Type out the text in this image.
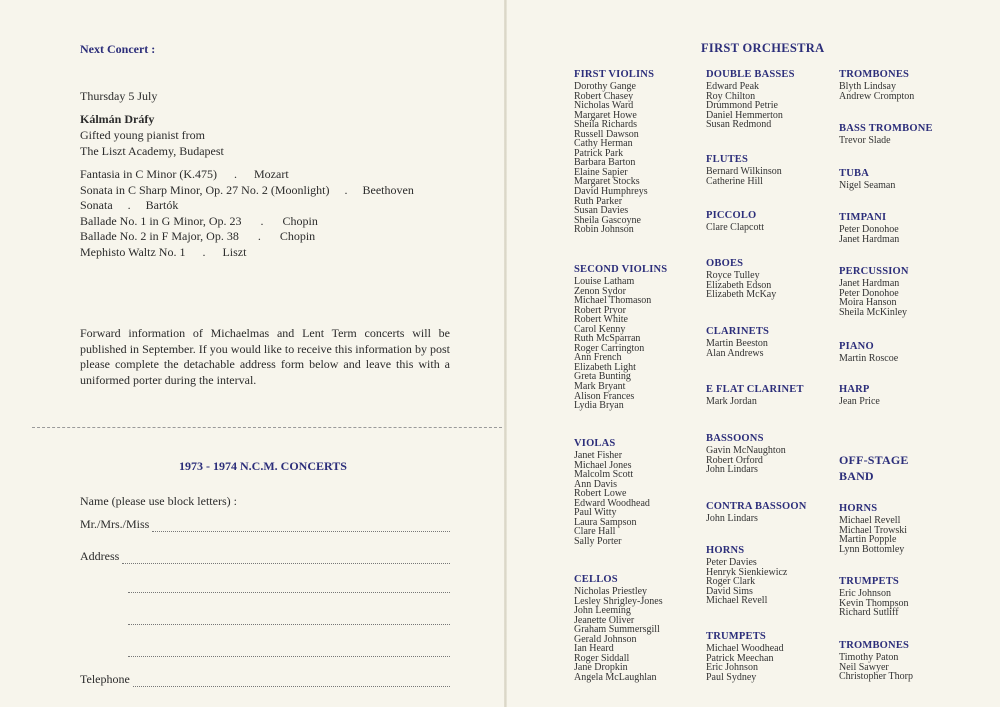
Next Concert :
Thursday 5 July
Kálmán Dráfy
Gifted young pianist from
The Liszt Academy, Budapest
Fantasia in C Minor (K.475) . Mozart
Sonata in C Sharp Minor, Op. 27 No. 2 (Moonlight) . Beethoven
Sonata . Bartók
Ballade No. 1 in G Minor, Op. 23 . Chopin
Ballade No. 2 in F Major, Op. 38 . Chopin
Mephisto Waltz No. 1 . Liszt
Forward information of Michaelmas and Lent Term concerts will be published in September. If you would like to receive this information by post please complete the detachable address form below and leave this with a uniformed porter during the interval.
1973 - 1974 N.C.M. CONCERTS
Name (please use block letters) :
Mr./Mrs./Miss
Address
Telephone
FIRST ORCHESTRA
FIRST VIOLINS
Dorothy Gange
Robert Chasey
Nicholas Ward
Margaret Howe
Sheila Richards
Russell Dawson
Cathy Herman
Patrick Park
Barbara Barton
Elaine Sapier
Margaret Stocks
David Humphreys
Ruth Parker
Susan Davies
Sheila Gascoyne
Robin Johnson
SECOND VIOLINS
Louise Latham
Zenon Sydor
Michael Thomason
Robert Pryor
Robert White
Carol Kenny
Ruth McSparran
Roger Carrington
Ann French
Elizabeth Light
Greta Bunting
Mark Bryant
Alison Frances
Lydia Bryan
VIOLAS
Janet Fisher
Michael Jones
Malcolm Scott
Ann Davis
Robert Lowe
Edward Woodhead
Paul Witty
Laura Sampson
Clare Hall
Sally Porter
CELLOS
Nicholas Priestley
Lesley Shrigley-Jones
John Leeming
Jeanette Oliver
Graham Summersgill
Gerald Johnson
Ian Heard
Roger Siddall
Jane Dropkin
Angela McLaughlan
DOUBLE BASSES
Edward Peak
Roy Chilton
Drummond Petrie
Daniel Hemmerton
Susan Redmond
FLUTES
Bernard Wilkinson
Catherine Hill
PICCOLO
Clare Clapcott
OBOES
Royce Tulley
Elizabeth Edson
Elizabeth McKay
CLARINETS
Martin Beeston
Alan Andrews
E FLAT CLARINET
Mark Jordan
BASSOONS
Gavin McNaughton
Robert Orford
John Lindars
CONTRA BASSOON
John Lindars
HORNS
Peter Davies
Henryk Sienkiewicz
Roger Clark
David Sims
Michael Revell
TRUMPETS
Michael Woodhead
Patrick Meechan
Eric Johnson
Paul Sydney
TROMBONES
Blyth Lindsay
Andrew Crompton
BASS TROMBONE
Trevor Slade
TUBA
Nigel Seaman
TIMPANI
Peter Donohoe
Janet Hardman
PERCUSSION
Janet Hardman
Peter Donohoe
Moira Hanson
Sheila McKinley
PIANO
Martin Roscoe
HARP
Jean Price
OFF-STAGE BAND
HORNS
Michael Revell
Michael Trowski
Martin Popple
Lynn Bottomley
TRUMPETS
Eric Johnson
Kevin Thompson
Richard Sutliff
TROMBONES
Timothy Paton
Neil Sawyer
Christopher Thorp
